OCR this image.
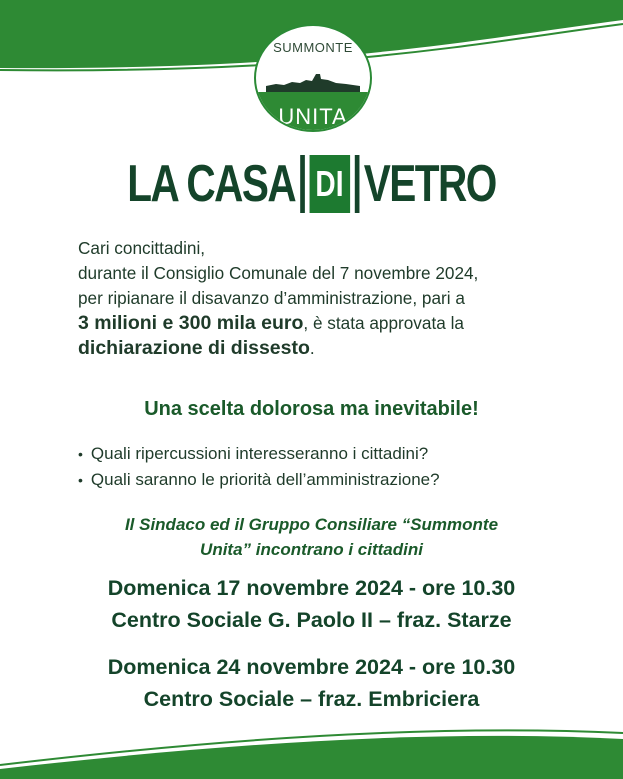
SUMMONTE
UNITA
LA CASA DI VETRO
Cari concittadini,
durante il Consiglio Comunale del 7 novembre 2024,
per ripianare il disavanzo d’amministrazione, pari a
3 milioni e 300 mila euro, è stata approvata la
dichiarazione di dissesto.
Una scelta dolorosa ma inevitabile!
• Quali ripercussioni interesseranno i cittadini?
• Quali saranno le priorità dell’amministrazione?
Il Sindaco ed il Gruppo Consiliare “Summonte
Unita” incontrano i cittadini
Domenica 17 novembre 2024 - ore 10.30
Centro Sociale G. Paolo II – fraz. Starze
Domenica 24 novembre 2024 - ore 10.30
Centro Sociale – fraz. Embriciera
